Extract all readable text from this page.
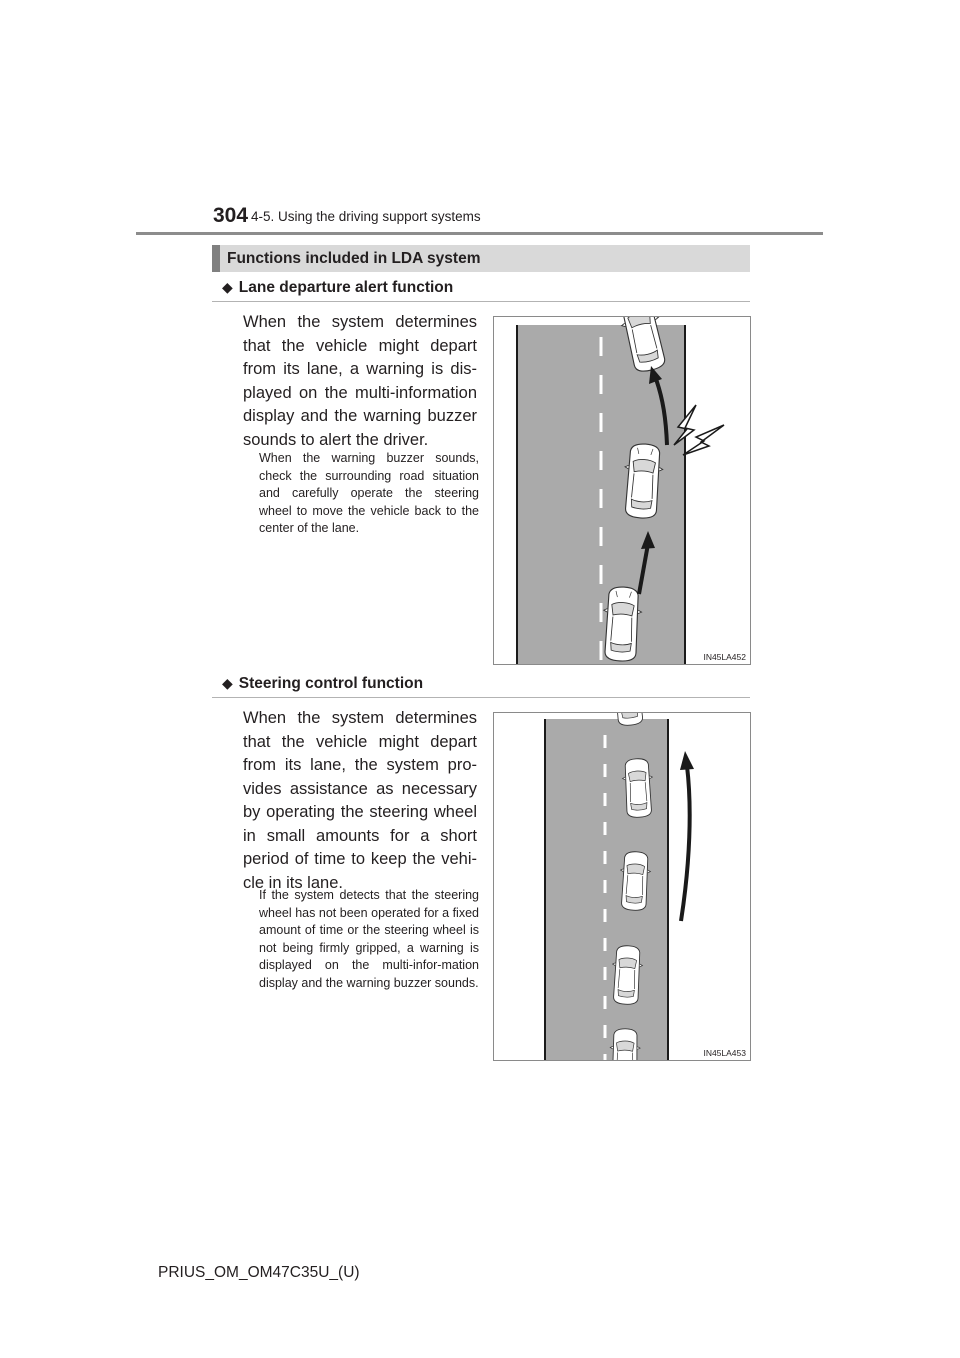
304 4-5. Using the driving support systems
Functions included in LDA system
◆ Lane departure alert function
When the system determines that the vehicle might depart from its lane, a warning is dis-played on the multi-information display and the warning buzzer sounds to alert the driver.
When the warning buzzer sounds, check the surrounding road situation and carefully operate the steering wheel to move the vehicle back to the center of the lane.
IN45LA452
◆ Steering control function
When the system determines that the vehicle might depart from its lane, the system pro-vides assistance as necessary by operating the steering wheel in small amounts for a short period of time to keep the vehi-cle in its lane.
If the system detects that the steering wheel has not been operated for a fixed amount of time or the steering wheel is not being firmly gripped, a warning is displayed on the multi-infor-mation display and the warning buzzer sounds.
IN45LA453
PRIUS_OM_OM47C35U_(U)
